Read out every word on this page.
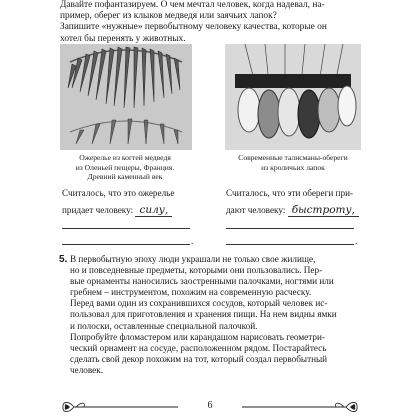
Давайте пофантазируем. О чем мечтал человек, когда надевал, на-
пример, оберег из клыков медведя или заячьих лапок?
Запишите «нужные» первобытному человеку качества, которые он
хотел бы перенять у животных.
Ожерелье из когтей медведя
из Оленьей пещеры, Франция.
Древний каменный век
Современные талисманы-обереги
из кроличьих лапок
Считалось, что это ожерелье
придает человеку: силу,
.
Считалось, что эти обереги при-
дают человеку: быстроту,
.
5. В первобытную эпоху люди украшали не только свое жилище,
но и повседневные предметы, которыми они пользовались. Пер-
вые орнаменты наносились заостренными палочками, ногтями или
гребнем – инструментом, похожим на современную расческу.
Перед вами один из сохранившихся сосудов, который человек ис-
пользовал для приготовления и хранения пищи. На нем видны ямки
и полоски, оставленные специальной палочкой.
Попробуйте фломастером или карандашом нарисовать геометри-
ческий орнамент на сосуде, расположенном рядом. Постарайтесь
сделать свой декор похожим на тот, который создал первобытный
человек.
6
